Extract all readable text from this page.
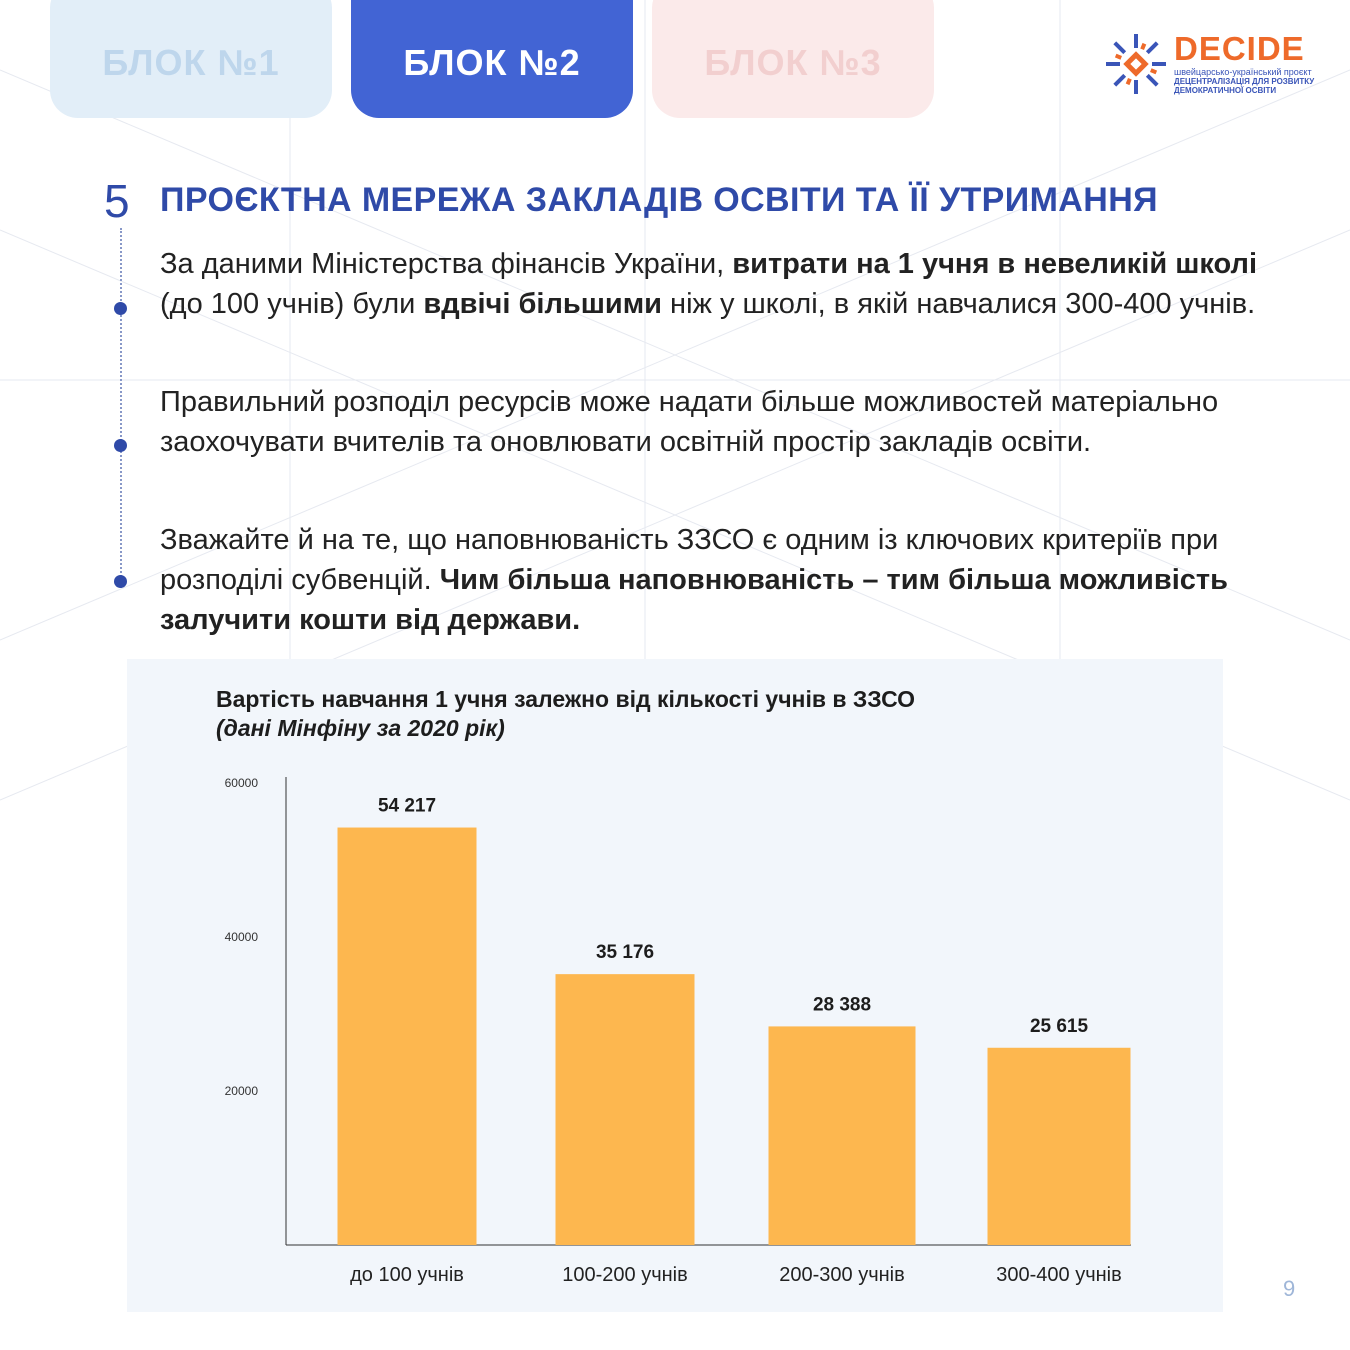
БЛОК №1	БЛОК №2	БЛОК №3	DECIDE
швейцарсько-український проєкт
ДЕЦЕНТРАЛІЗАЦІЯ ДЛЯ РОЗВИТКУ
ДЕМОКРАТИЧНОЇ ОСВІТИ
5 ПРОЄКТНА МЕРЕЖА ЗАКЛАДІВ ОСВІТИ ТА ЇЇ УТРИМАННЯ
За даними Міністерства фінансів України, витрати на 1 учня в невеликій школі (до 100 учнів) були вдвічі більшими ніж у школі, в якій навчалися 300-400 учнів.
Правильний розподіл ресурсів може надати більше можливостей матеріально заохочувати вчителів та оновлювати освітній простір закладів освіти.
Зважайте й на те, що наповнюваність ЗЗСО є одним із ключових критеріїв при розподілі субвенцій. Чим більша наповнюваність – тим більша можливість залучити кошти від держави.
20000
40000
60000
54 217
до 100 учнів
35 176
100-200 учнів
28 388
200-300 учнів
25 615
300-400 учнів
Вартість навчання 1 учня залежно від кількості учнів в ЗЗСО
(дані Мінфіну за 2020 рік)
9
